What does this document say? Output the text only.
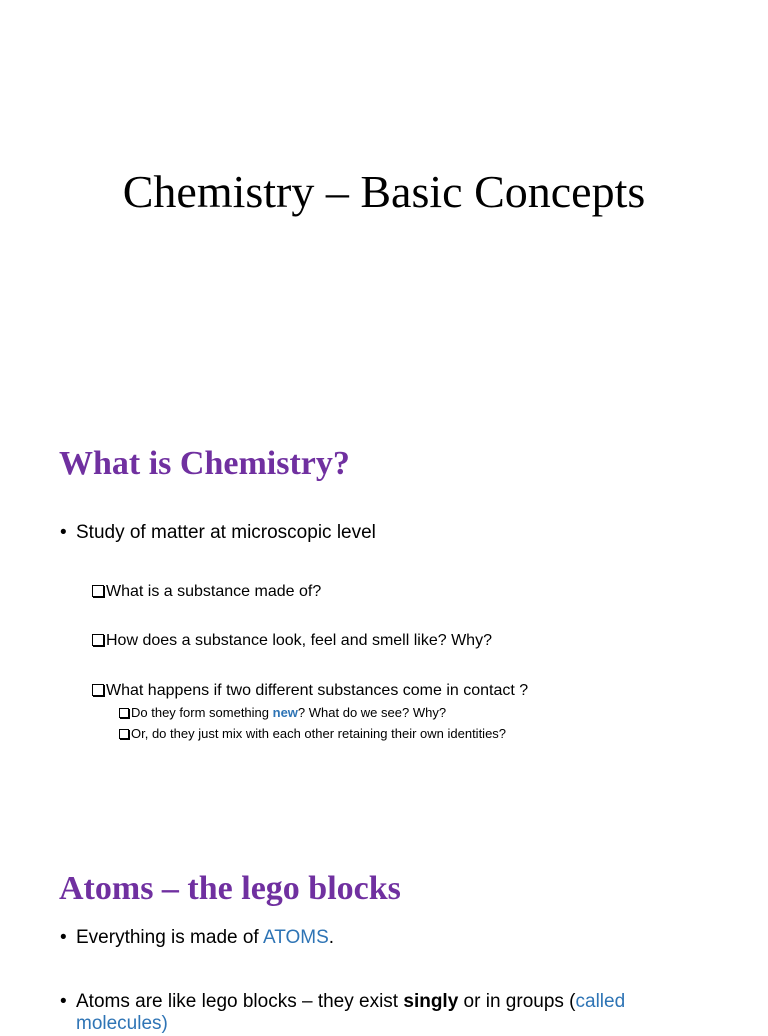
Chemistry – Basic Concepts
What is Chemistry?
• Study of matter at microscopic level
What is a substance made of?
How does a substance look, feel and smell like? Why?
What happens if two different substances come in contact ?
Do they form something new? What do we see? Why?
Or, do they just mix with each other retaining their own identities?
Atoms – the lego blocks
• Everything is made of ATOMS.
• Atoms are like lego blocks – they exist singly or in groups (called
molecules)
